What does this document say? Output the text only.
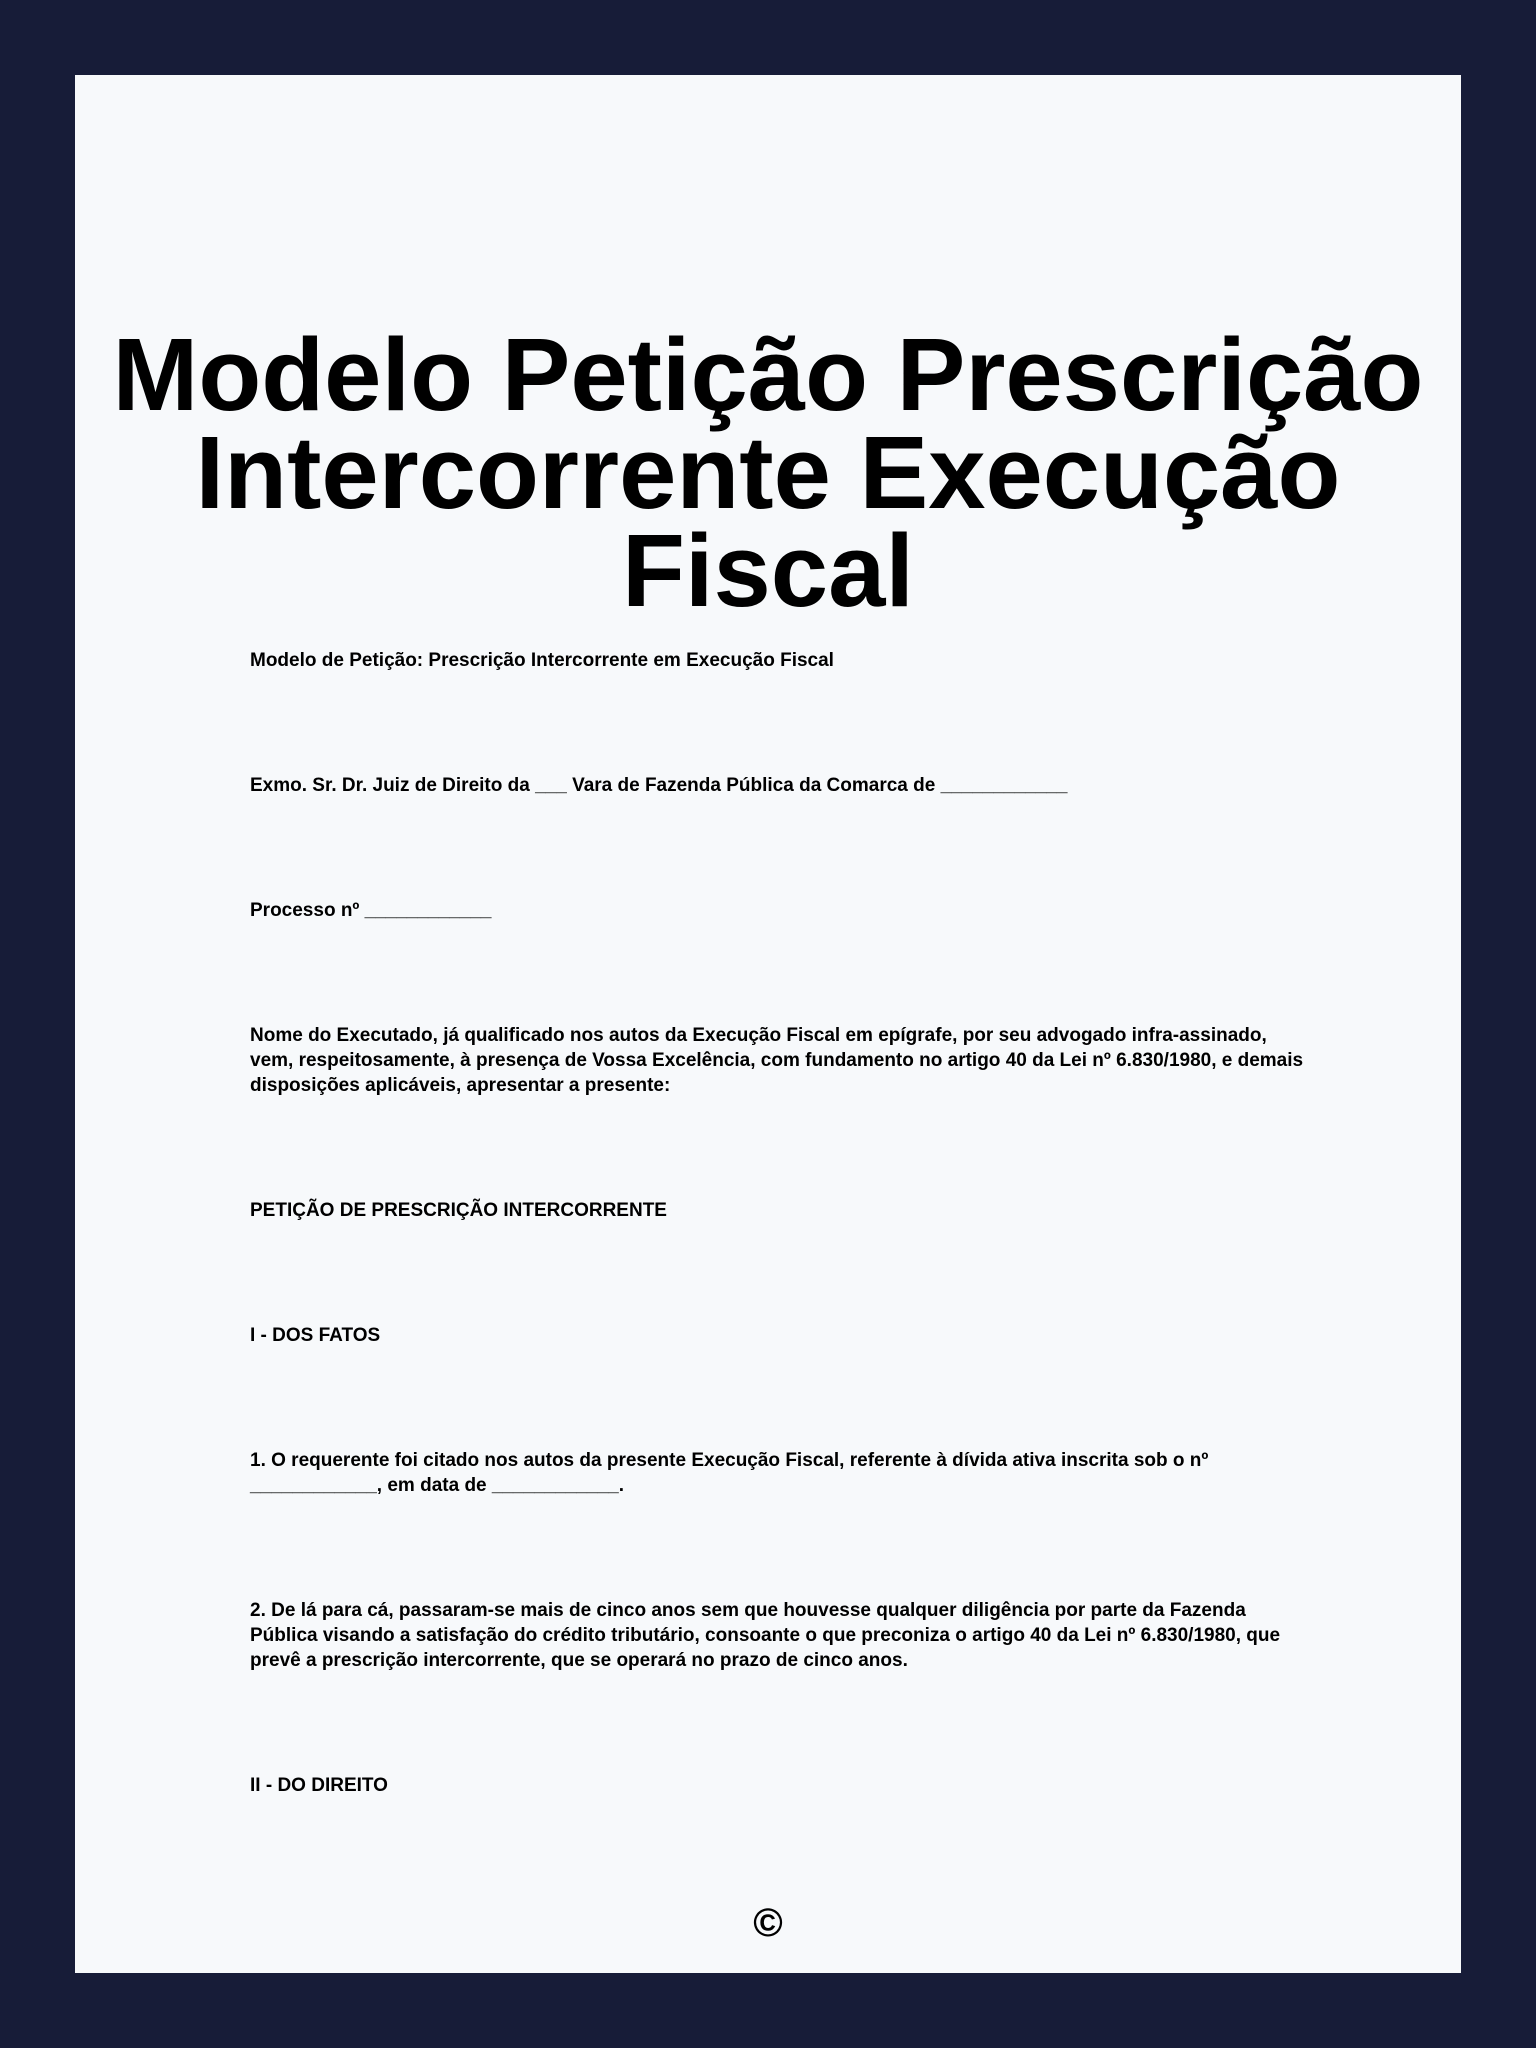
Modelo Petição Prescrição
Intercorrente Execução
Fiscal

Modelo de Petição: Prescrição Intercorrente em Execução Fiscal

Exmo. Sr. Dr. Juiz de Direito da ___ Vara de Fazenda Pública da Comarca de ____________

Processo nº ____________

Nome do Executado, já qualificado nos autos da Execução Fiscal em epígrafe, por seu advogado infra-assinado, vem, respeitosamente, à presença de Vossa Excelência, com fundamento no artigo 40 da Lei nº 6.830/1980, e demais disposições aplicáveis, apresentar a presente:

PETIÇÃO DE PRESCRIÇÃO INTERCORRENTE

I - DOS FATOS

1. O requerente foi citado nos autos da presente Execução Fiscal, referente à dívida ativa inscrita sob o nº ____________, em data de ____________.

2. De lá para cá, passaram-se mais de cinco anos sem que houvesse qualquer diligência por parte da Fazenda Pública visando a satisfação do crédito tributário, consoante o que preconiza o artigo 40 da Lei nº 6.830/1980, que prevê a prescrição intercorrente, que se operará no prazo de cinco anos.

II - DO DIREITO

©
